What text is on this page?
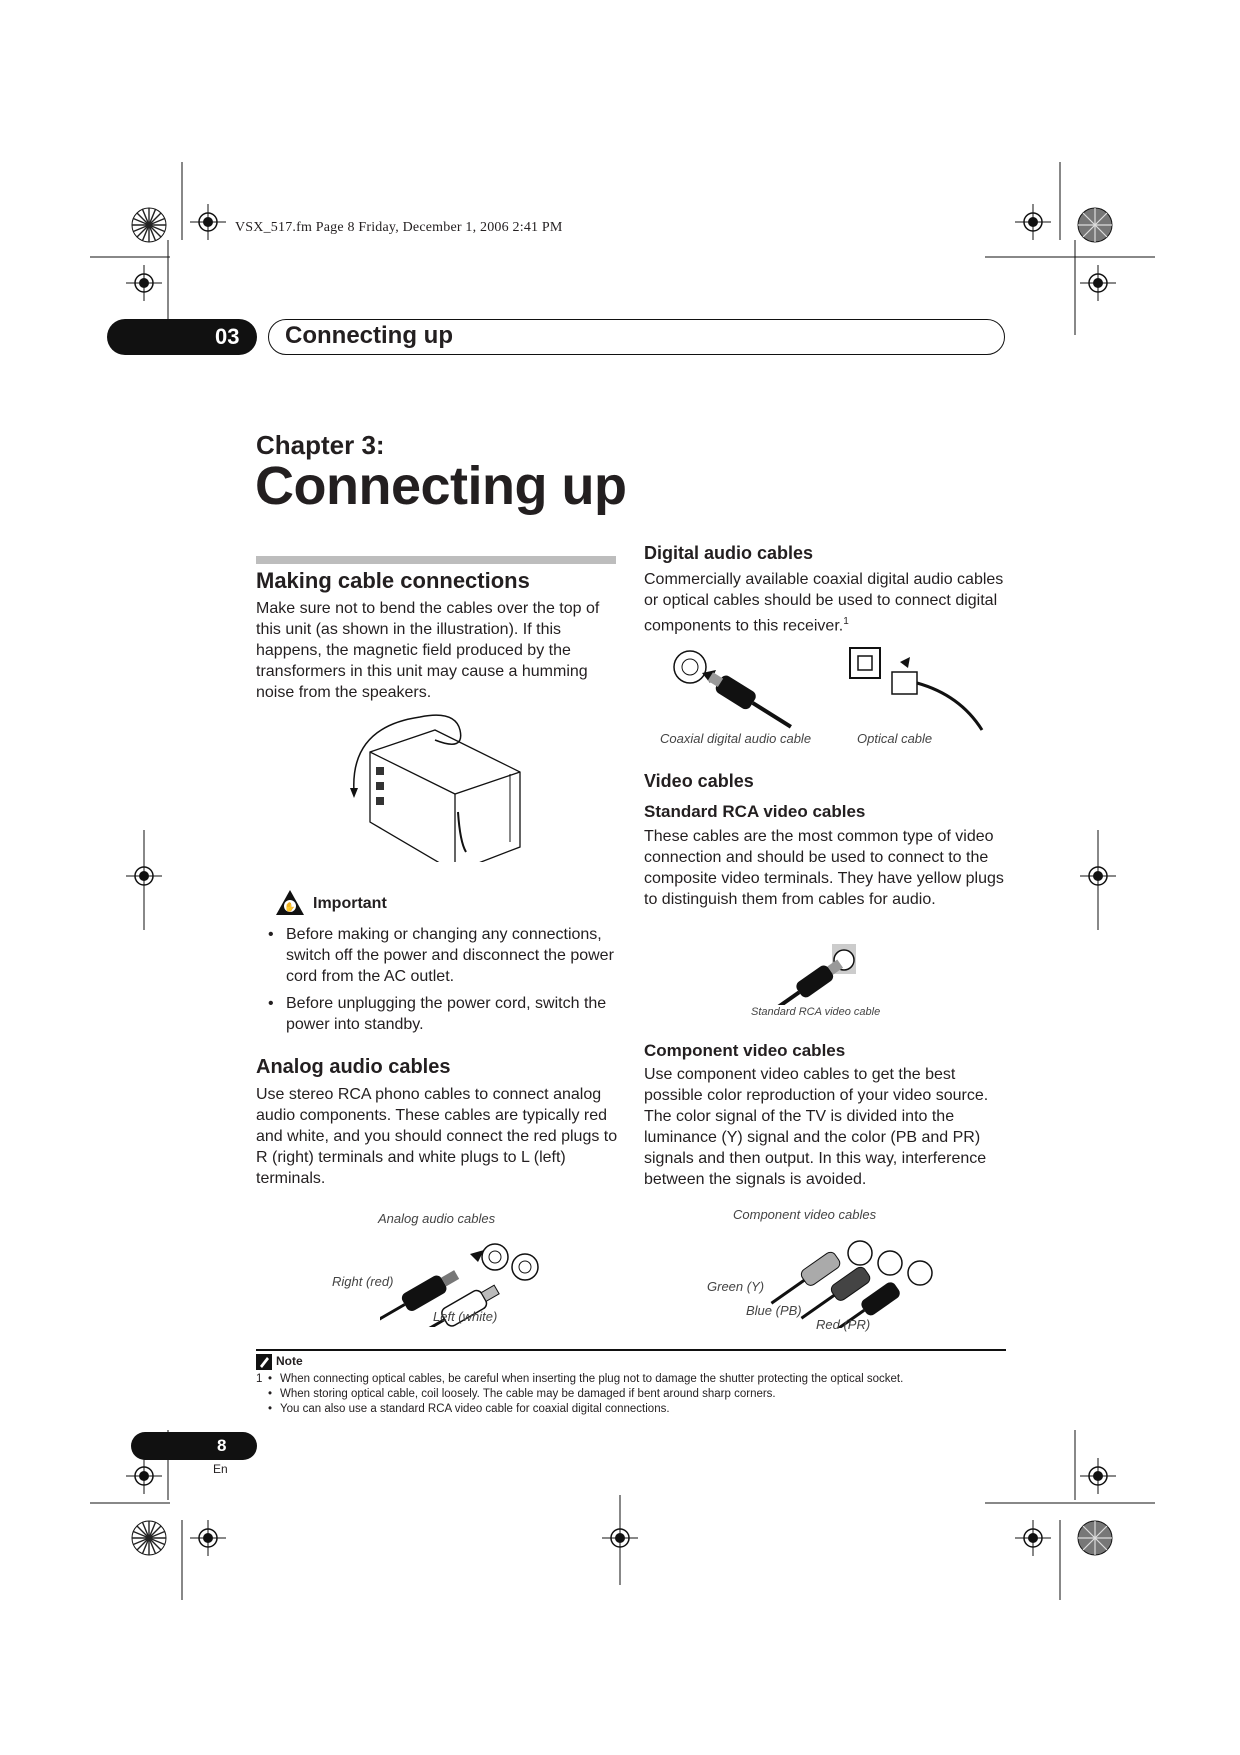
VSX_517.fm Page 8 Friday, December 1, 2006 2:41 PM
03 Connecting up
Chapter 3:
Connecting up
Making cable connections
Make sure not to bend the cables over the top of this unit (as shown in the illustration). If this happens, the magnetic field produced by the transformers in this unit may cause a humming noise from the speakers.
✋ Important
• Before making or changing any connections, switch off the power and disconnect the power cord from the AC outlet.
• Before unplugging the power cord, switch the power into standby.
Analog audio cables
Use stereo RCA phono cables to connect analog audio components. These cables are typically red and white, and you should connect the red plugs to R (right) terminals and white plugs to L (left) terminals.
Analog audio cables
Right (red)
Left (white)
Digital audio cables
Commercially available coaxial digital audio cables or optical cables should be used to connect digital components to this receiver.$^1$
Coaxial digital audio cable	Optical cable
Video cables
Standard RCA video cables
These cables are the most common type of video connection and should be used to connect to the composite video terminals. They have yellow plugs to distinguish them from cables for audio.
Standard RCA video cable
Component video cables
Use component video cables to get the best possible color reproduction of your video source. The color signal of the TV is divided into the luminance (Y) signal and the color (PB and PR) signals and then output. In this way, interference between the signals is avoided.
Component video cables
Green (Y)
Blue (PB)
Red (PR)
Note
1 • When connecting optical cables, be careful when inserting the plug not to damage the shutter protecting the optical socket.
• When storing optical cable, coil loosely. The cable may be damaged if bent around sharp corners.
• You can also use a standard RCA video cable for coaxial digital connections.
8
En
